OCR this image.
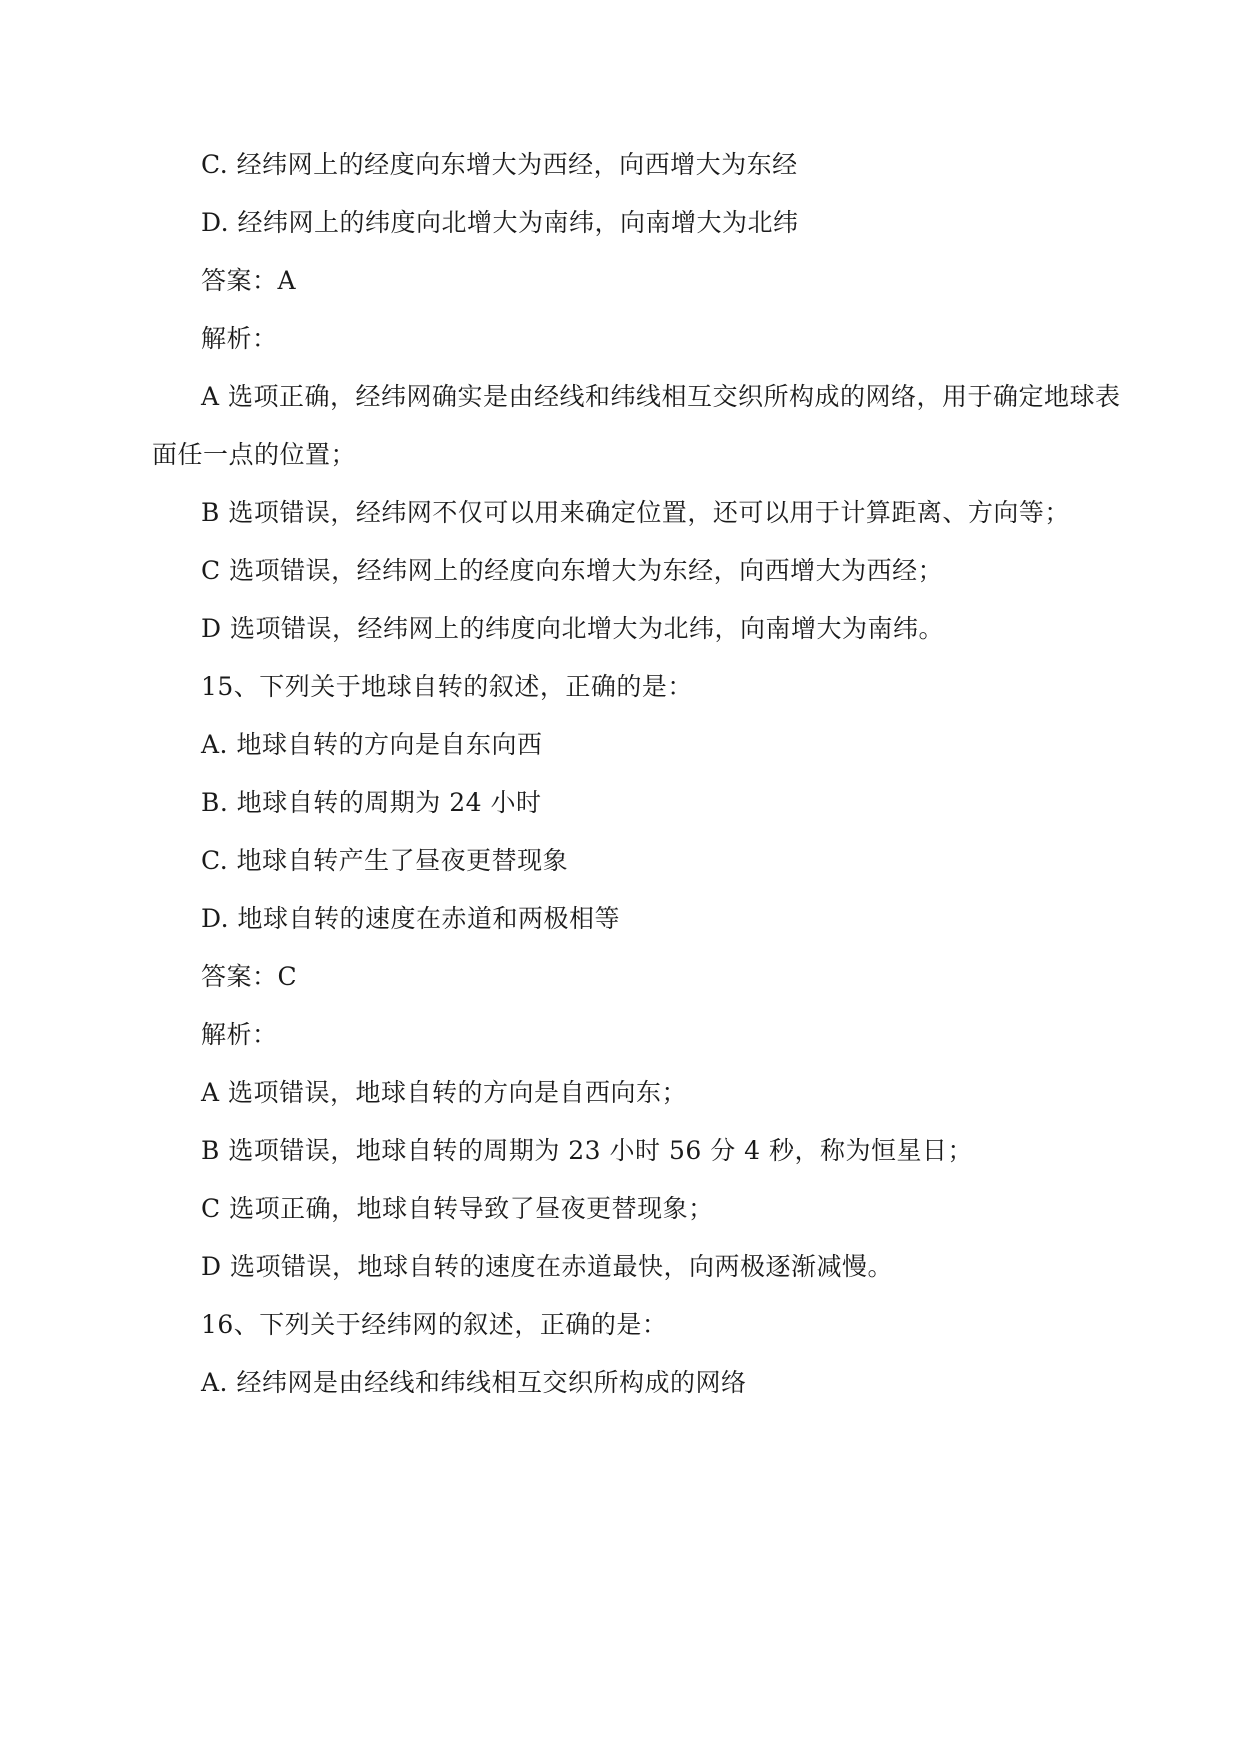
C. 经纬网上的经度向东增大为西经，向西增大为东经
D. 经纬网上的纬度向北增大为南纬，向南增大为北纬
答案：A
解析：
A 选项正确，经纬网确实是由经线和纬线相互交织所构成的网络，用于确定地球表
面任一点的位置；
B 选项错误，经纬网不仅可以用来确定位置，还可以用于计算距离、方向等；
C 选项错误，经纬网上的经度向东增大为东经，向西增大为西经；
D 选项错误，经纬网上的纬度向北增大为北纬，向南增大为南纬。
15、下列关于地球自转的叙述，正确的是：
A. 地球自转的方向是自东向西
B. 地球自转的周期为 24 小时
C. 地球自转产生了昼夜更替现象
D. 地球自转的速度在赤道和两极相等
答案：C
解析：
A 选项错误，地球自转的方向是自西向东；
B 选项错误，地球自转的周期为 23 小时 56 分 4 秒，称为恒星日；
C 选项正确，地球自转导致了昼夜更替现象；
D 选项错误，地球自转的速度在赤道最快，向两极逐渐减慢。
16、下列关于经纬网的叙述，正确的是：
A. 经纬网是由经线和纬线相互交织所构成的网络
